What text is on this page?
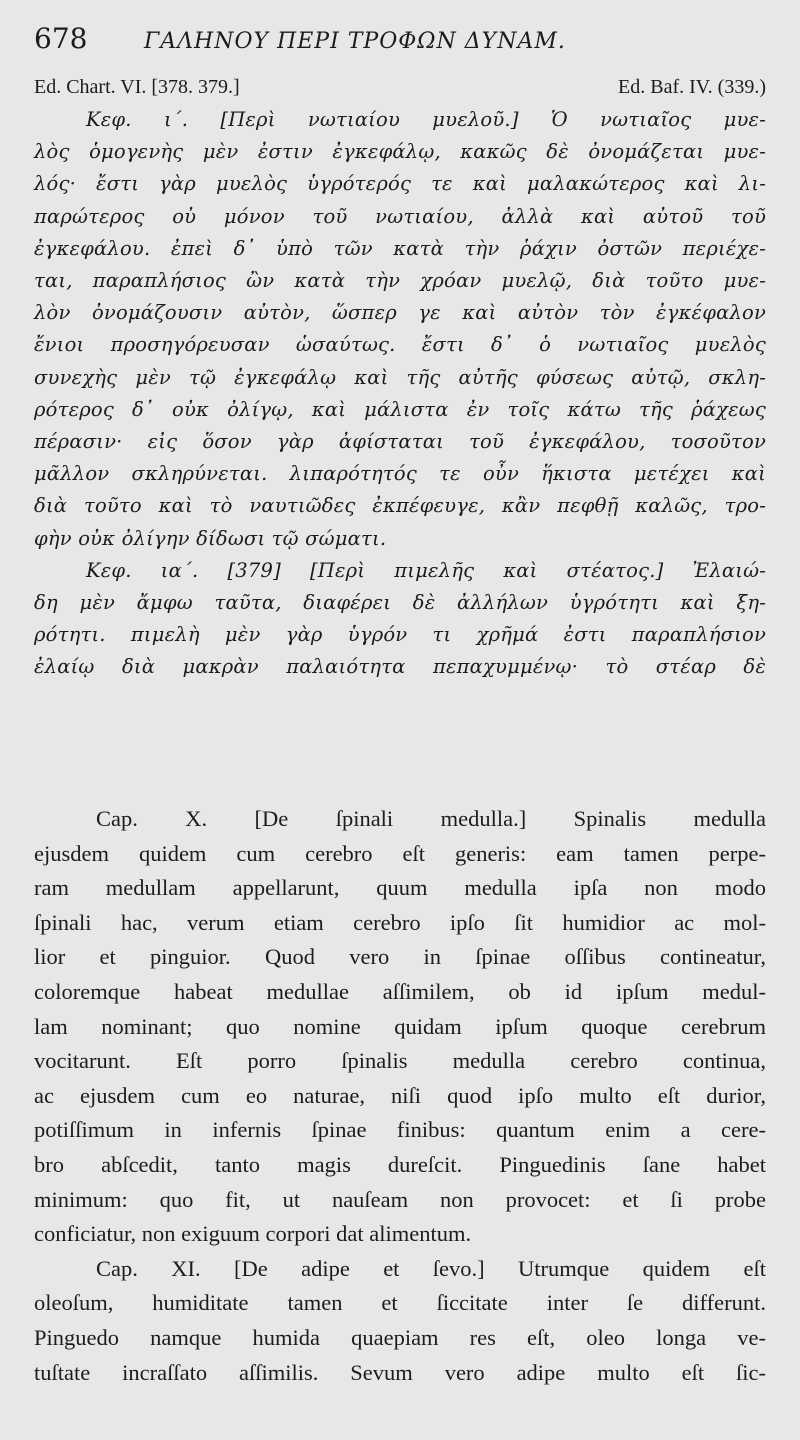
678	ΓΑΛΗΝΟΥ ΠΕΡΙ ΤΡΟΦΩΝ ΔΥΝΑΜ.
Ed. Chart. VI. [378. 379.]	Ed. Baf. IV. (339.)

Κεφ. ι΄. [Περὶ νωτιαίου μυελοῦ.] Ὁ νωτιαῖος μυε-

λὸς ὁμογενὴς μὲν ἐστιν ἐγκεφάλῳ, κακῶς δὲ ὀνομάζεται μυε-

λός· ἔστι γὰρ μυελὸς ὑγρότερός τε καὶ μαλακώτερος καὶ λι-

παρώτερος οὐ μόνον τοῦ νωτιαίου, ἀλλὰ καὶ αὐτοῦ τοῦ

ἐγκεφάλου. ἐπεὶ δ᾽ ὑπὸ τῶν κατὰ τὴν ῥάχιν ὀστῶν περιέχε-

ται, παραπλήσιος ὢν κατὰ τὴν χρόαν μυελῷ, διὰ τοῦτο μυε-

λὸν ὀνομάζουσιν αὐτὸν, ὥσπερ γε καὶ αὐτὸν τὸν ἐγκέφαλον

ἔνιοι προσηγόρευσαν ὡσαύτως. ἔστι δ᾽ ὁ νωτιαῖος μυελὸς

συνεχὴς μὲν τῷ ἐγκεφάλῳ καὶ τῆς αὐτῆς φύσεως αὐτῷ, σκλη-

ρότερος δ᾽ οὐκ ὀλίγῳ, καὶ μάλιστα ἐν τοῖς κάτω τῆς ῥάχεως

πέρασιν· εἰς ὅσον γὰρ ἀφίσταται τοῦ ἐγκεφάλου, τοσοῦτον

μᾶλλον σκληρύνεται. λιπαρότητός τε οὖν ἥκιστα μετέχει καὶ

διὰ τοῦτο καὶ τὸ ναυτιῶδες ἐκπέφευγε, κἂν πεφθῇ καλῶς, τρο-

φὴν οὐκ ὀλίγην δίδωσι τῷ σώματι.

Κεφ. ια΄. [379] [Περὶ πιμελῆς καὶ στέατος.] Ἐλαιώ-

δη μὲν ἄμφω ταῦτα, διαφέρει δὲ ἀλλήλων ὑγρότητι καὶ ξη-

ρότητι. πιμελὴ μὲν γὰρ ὑγρόν τι χρῆμά ἐστι παραπλήσιον

ἐλαίῳ διὰ μακρὰν παλαιότητα πεπαχυμμένῳ· τὸ στέαρ δὲ

Cap. X. [De ſpinali medulla.] Spinalis medulla

ejusdem quidem cum cerebro eſt generis: eam tamen perpe-

ram medullam appellarunt, quum medulla ipſa non modo

ſpinali hac, verum etiam cerebro ipſo ſit humidior ac mol-

lior et pinguior. Quod vero in ſpinae oſſibus contineatur,

coloremque habeat medullae aſſimilem, ob id ipſum medul-

lam nominant; quo nomine quidam ipſum quoque cerebrum

vocitarunt. Eſt porro ſpinalis medulla cerebro continua,

ac ejusdem cum eo naturae, niſi quod ipſo multo eſt durior,

potiſſimum in infernis ſpinae finibus: quantum enim a cere-

bro abſcedit, tanto magis dureſcit. Pinguedinis ſane habet

minimum: quo fit, ut nauſeam non provocet: et ſi probe

conficiatur, non exiguum corpori dat alimentum.

Cap. XI. [De adipe et ſevo.] Utrumque quidem eſt

oleoſum, humiditate tamen et ſiccitate inter ſe differunt.

Pinguedo namque humida quaepiam res eſt, oleo longa ve-

tuſtate incraſſato aſſimilis. Sevum vero adipe multo eſt ſic-
